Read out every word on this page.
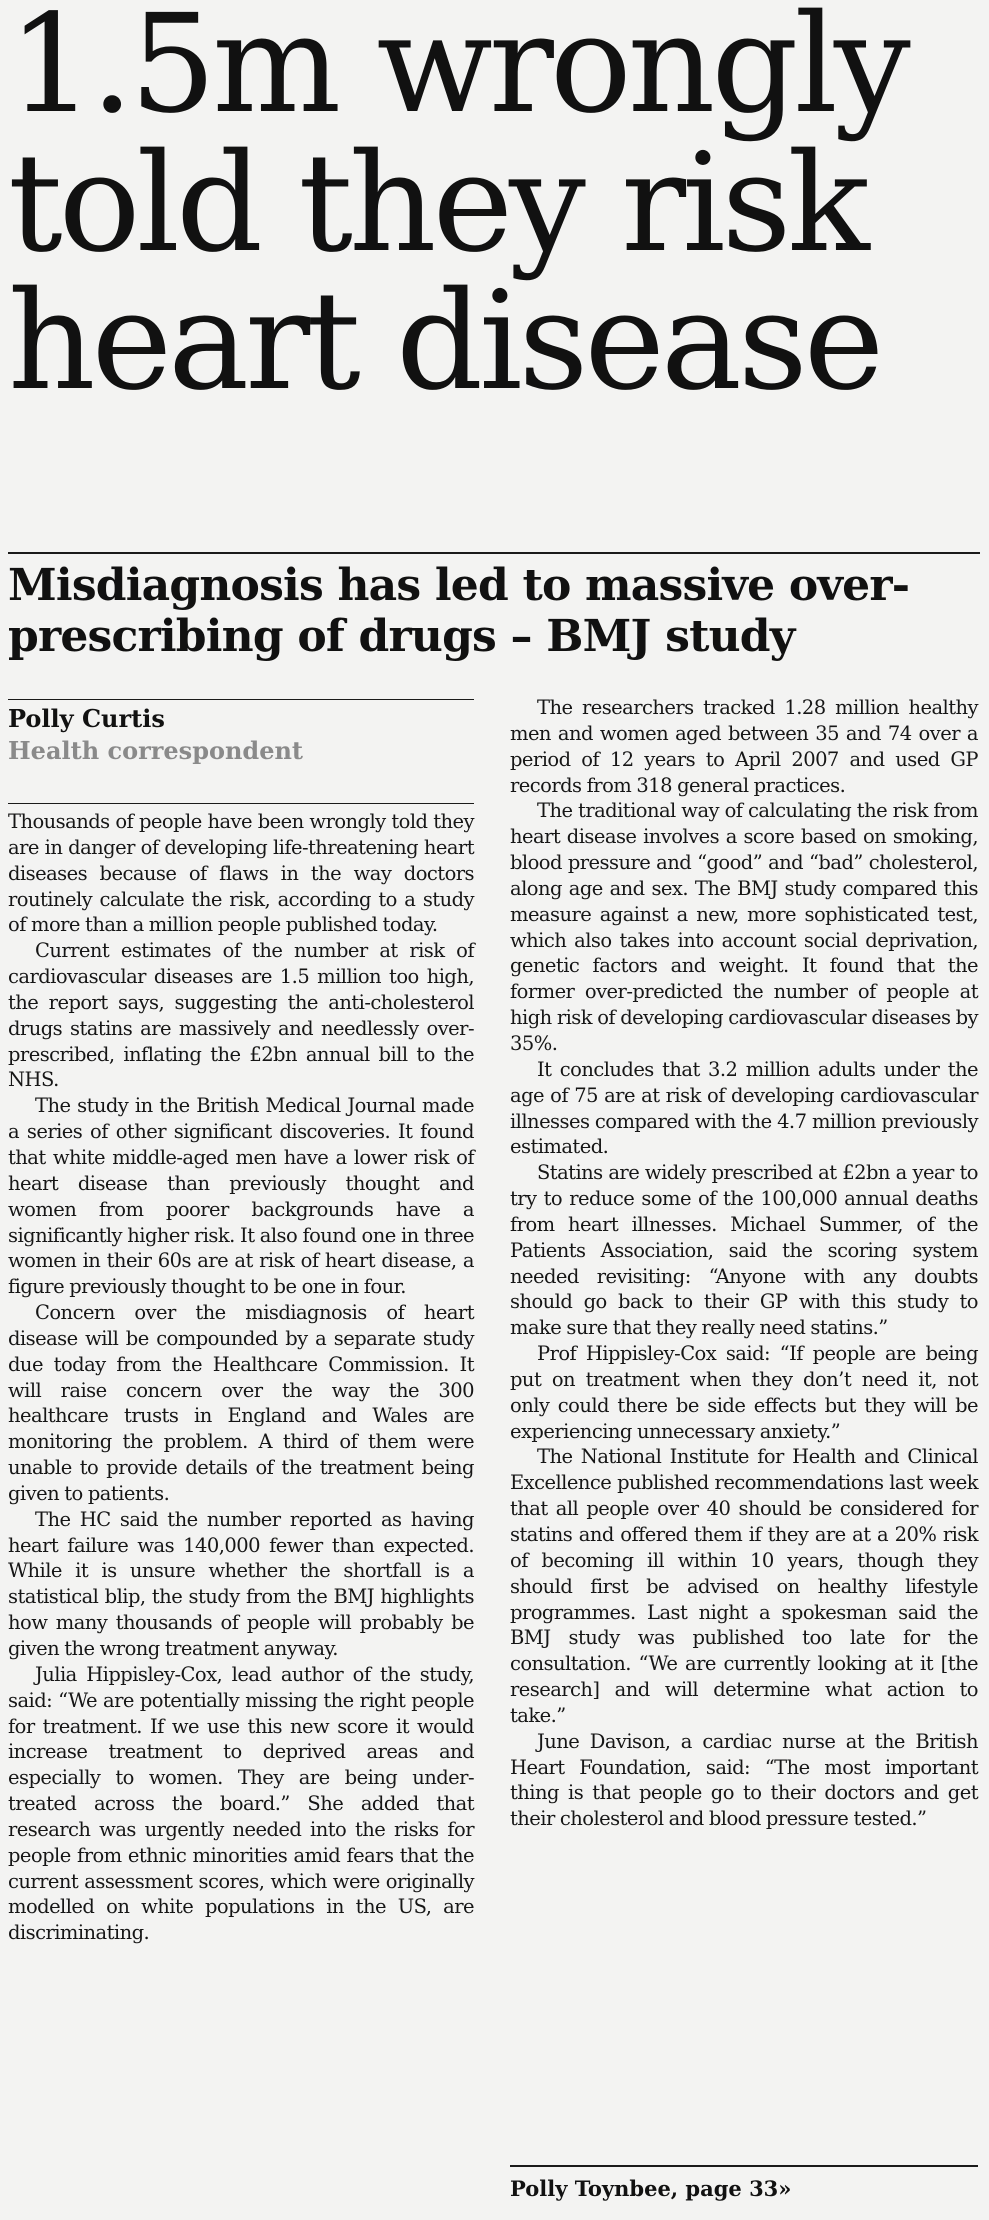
1.5m wrongly told they risk heart disease
Misdiagnosis has led to massive over-prescribing of drugs – BMJ study
Polly Curtis
Health correspondent

Thousands of people have been wrongly told they are in danger of developing life-threatening heart diseases because of flaws in the way doctors routinely calculate the risk, according to a study of more than a million people published today.

Current estimates of the number at risk of cardiovascular diseases are 1.5 million too high, the report says, suggesting the anti-cholesterol drugs statins are massively and needlessly over-prescribed, inflating the £2bn annual bill to the NHS.

The study in the British Medical Journal made a series of other significant discoveries. It found that white middle-aged men have a lower risk of heart disease than previously thought and women from poorer backgrounds have a significantly higher risk. It also found one in three women in their 60s are at risk of heart disease, a figure previously thought to be one in four.

Concern over the misdiagnosis of heart disease will be compounded by a separate study due today from the Healthcare Commission. It will raise concern over the way the 300 healthcare trusts in England and Wales are monitoring the problem. A third of them were unable to provide details of the treatment being given to patients.

The HC said the number reported as having heart failure was 140,000 fewer than expected. While it is unsure whether the shortfall is a statistical blip, the study from the BMJ highlights how many thousands of people will probably be given the wrong treatment anyway.

Julia Hippisley-Cox, lead author of the study, said: “We are potentially missing the right people for treatment. If we use this new score it would increase treatment to deprived areas and especially to women. They are being under-treated across the board.” She added that research was urgently needed into the risks for people from ethnic minorities amid fears that the current assessment scores, which were originally modelled on white populations in the US, are discriminating.

The researchers tracked 1.28 million healthy men and women aged between 35 and 74 over a period of 12 years to April 2007 and used GP records from 318 general practices.

The traditional way of calculating the risk from heart disease involves a score based on smoking, blood pressure and “good” and “bad” cholesterol, along age and sex. The BMJ study compared this measure against a new, more sophisticated test, which also takes into account social deprivation, genetic factors and weight. It found that the former over-predicted the number of people at high risk of developing cardiovascular diseases by 35%.

It concludes that 3.2 million adults under the age of 75 are at risk of developing cardiovascular illnesses compared with the 4.7 million previously estimated.

Statins are widely prescribed at £2bn a year to try to reduce some of the 100,000 annual deaths from heart illnesses. Michael Summer, of the Patients Association, said the scoring system needed revisiting: “Anyone with any doubts should go back to their GP with this study to make sure that they really need statins.”

Prof Hippisley-Cox said: “If people are being put on treatment when they don’t need it, not only could there be side effects but they will be experiencing unnecessary anxiety.”

The National Institute for Health and Clinical Excellence published recommendations last week that all people over 40 should be considered for statins and offered them if they are at a 20% risk of becoming ill within 10 years, though they should first be advised on healthy lifestyle programmes. Last night a spokesman said the BMJ study was published too late for the consultation. “We are currently looking at it [the research] and will determine what action to take.”

June Davison, a cardiac nurse at the British Heart Foundation, said: “The most important thing is that people go to their doctors and get their cholesterol and blood pressure tested.”

Polly Toynbee, page 33»
